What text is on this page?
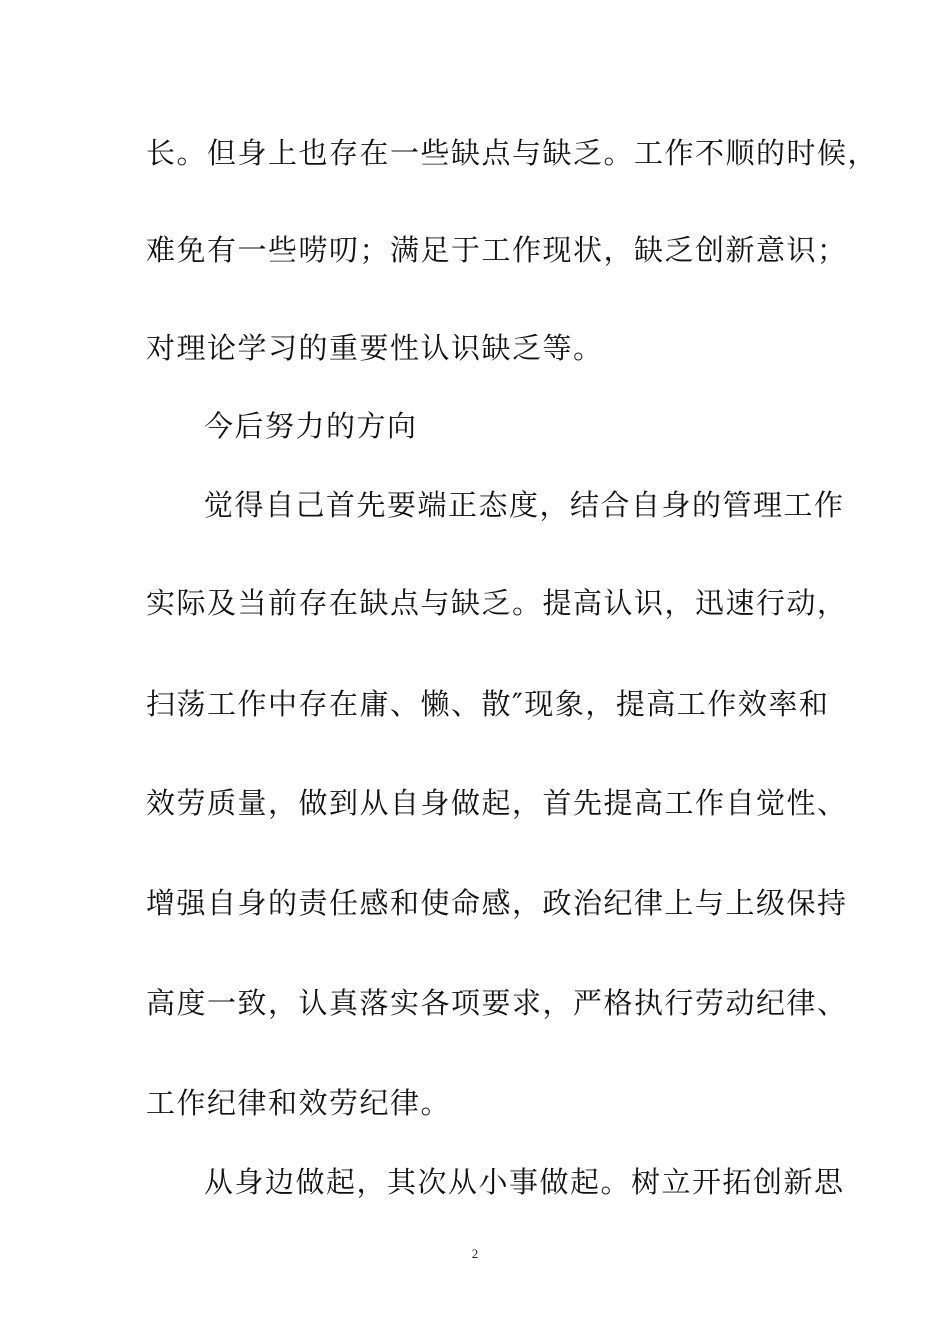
长。但身上也存在一些缺点与缺乏。工作不顺的时候，
难免有一些唠叨；满足于工作现状，缺乏创新意识；
对理论学习的重要性认识缺乏等。
今后努力的方向
觉得自己首先要端正态度，结合自身的管理工作
实际及当前存在缺点与缺乏。提高认识，迅速行动，
扫荡工作中存在庸、懒、散″现象，提高工作效率和
效劳质量，做到从自身做起，首先提高工作自觉性、
增强自身的责任感和使命感，政治纪律上与上级保持
高度一致，认真落实各项要求，严格执行劳动纪律、
工作纪律和效劳纪律。
从身边做起，其次从小事做起。树立开拓创新思
2
